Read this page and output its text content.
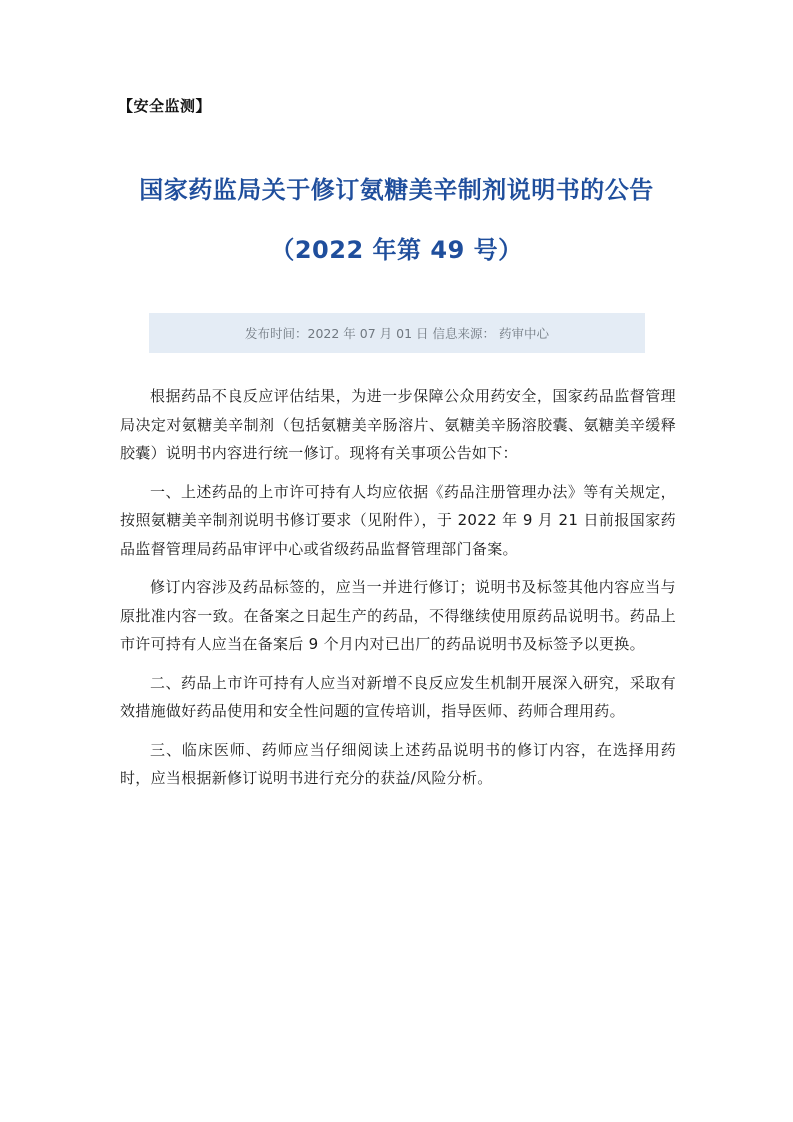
【安全监测】
国家药监局关于修订氨糖美辛制剂说明书的公告
（2022 年第 49 号）
发布时间： 2022 年 07 月 01 日
信息来源：
药审中心

根据药品不良反应评估结果，为进一步保障公众用药安全，国家药品监督管理局决定对氨糖美辛制剂（包括氨糖美辛肠溶片、氨糖美辛肠溶胶囊、氨糖美辛缓释胶囊）说明书内容进行统一修订。现将有关事项公告如下：

一、上述药品的上市许可持有人均应依据《药品注册管理办法》等有关规定，按照氨糖美辛制剂说明书修订要求（见附件），于 2022 年 9 月 21 日前报国家药品监督管理局药品审评中心或省级药品监督管理部门备案。

修订内容涉及药品标签的，应当一并进行修订；说明书及标签其他内容应当与原批准内容一致。在备案之日起生产的药品，不得继续使用原药品说明书。药品上市许可持有人应当在备案后 9 个月内对已出厂的药品说明书及标签予以更换。

二、药品上市许可持有人应当对新增不良反应发生机制开展深入研究，采取有效措施做好药品使用和安全性问题的宣传培训，指导医师、药师合理用药。

三、临床医师、药师应当仔细阅读上述药品说明书的修订内容，在选择用药时，应当根据新修订说明书进行充分的获益/风险分析。
